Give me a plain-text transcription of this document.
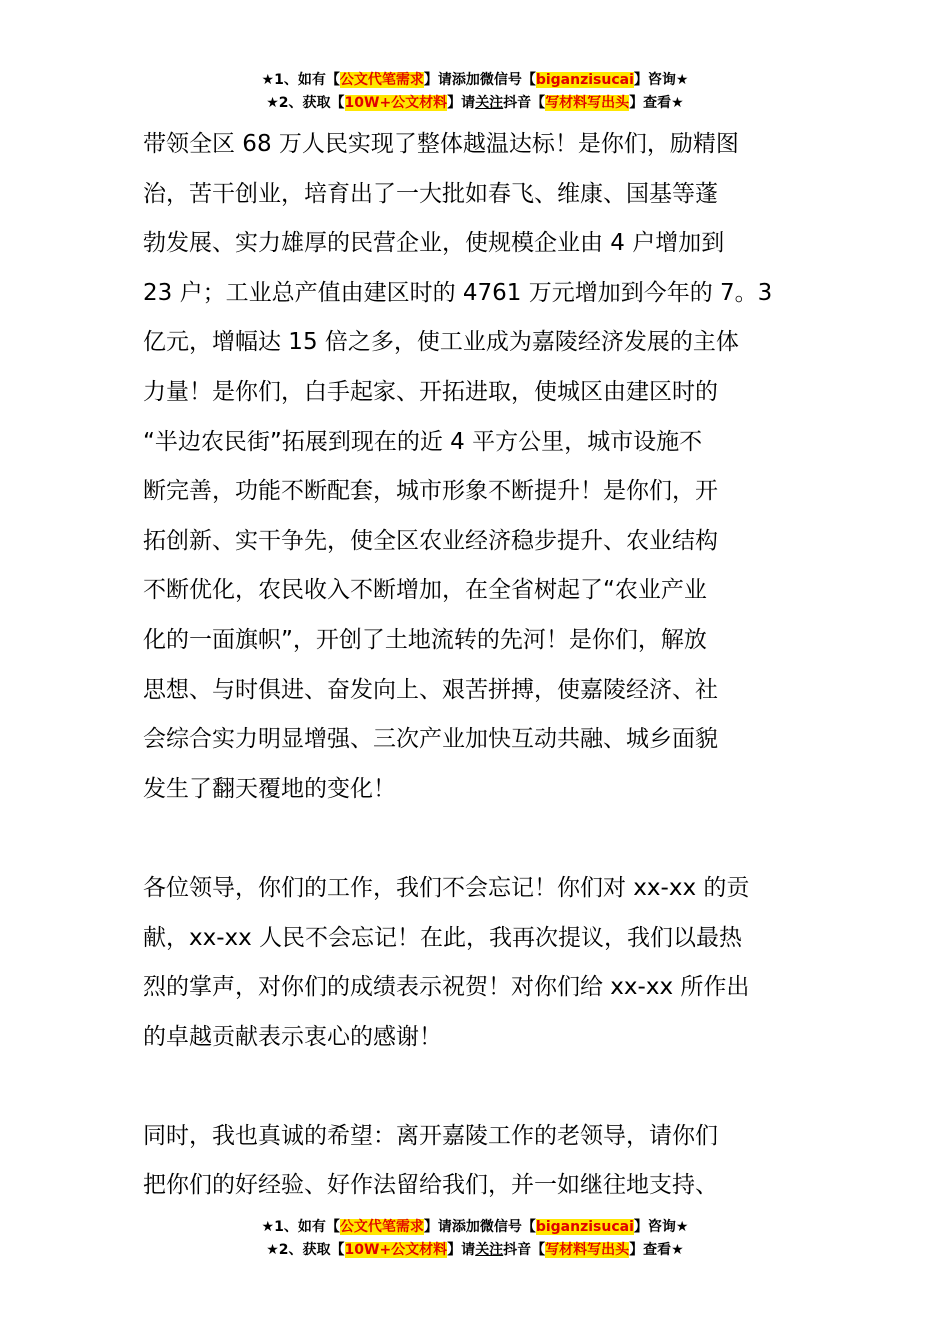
★1、如有【公文代笔需求】请添加微信号【biganzisucai】咨询★
★2、获取【10W+公文材料】请关注抖音【写材料写出头】查看★
带领全区 68 万人民实现了整体越温达标！是你们，励精图
治，苦干创业，培育出了一大批如春飞、维康、国基等蓬
勃发展、实力雄厚的民营企业，使规模企业由 4 户增加到
23 户；工业总产值由建区时的 4761 万元增加到今年的 7。3
亿元，增幅达 15 倍之多，使工业成为嘉陵经济发展的主体
力量！是你们，白手起家、开拓进取，使城区由建区时的
“半边农民街”拓展到现在的近 4 平方公里，城市设施不
断完善，功能不断配套，城市形象不断提升！是你们，开
拓创新、实干争先，使全区农业经济稳步提升、农业结构
不断优化，农民收入不断增加，在全省树起了“农业产业
化的一面旗帜”，开创了土地流转的先河！是你们，解放
思想、与时俱进、奋发向上、艰苦拼搏，使嘉陵经济、社
会综合实力明显增强、三次产业加快互动共融、城乡面貌
发生了翻天覆地的变化！
各位领导，你们的工作，我们不会忘记！你们对 xx-xx 的贡
献，xx-xx 人民不会忘记！在此，我再次提议，我们以最热
烈的掌声，对你们的成绩表示祝贺！对你们给 xx-xx 所作出
的卓越贡献表示衷心的感谢！
同时，我也真诚的希望：离开嘉陵工作的老领导，请你们
把你们的好经验、好作法留给我们，并一如继往地支持、
★1、如有【公文代笔需求】请添加微信号【biganzisucai】咨询★
★2、获取【10W+公文材料】请关注抖音【写材料写出头】查看★
